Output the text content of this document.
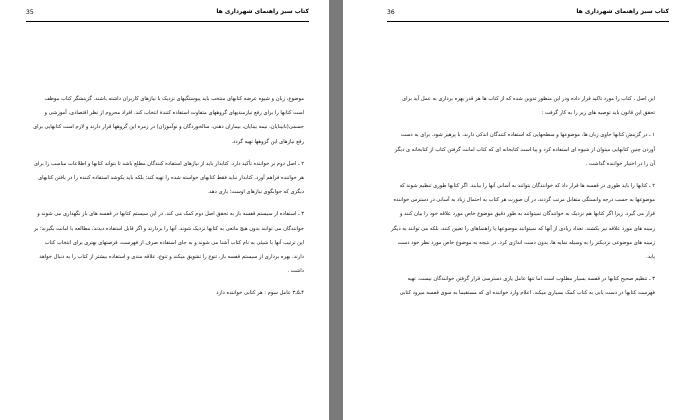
35	کتاب سبز راهنمای شهرداری ها

موضوع، زبان و شیوه عرضه کتابهای منتخب باید پیوستگیهای نزدیک با نیازهای کاربران داشته باشند. گزینشگر کتاب موظف است کتابها را برای رفع نیازمندیهای گروههای متفاوت استفاده کنندهٔ انتخاب کند. افراد محروم از نظر اقتصادی، آموزشی و جسمی(نابینایان، نیمه بینایان، بیماران ذهنی، سالخوردگان و نوآموزان) در زمره این گروهها قرار دارند و لازم است کتابهایی برای رفع نیازهای این گروهها تهیه گردد.

۲ ـ اصل دوم بر خواننده تأکید دارد. کتابدار باید از نیازهای استفاده کنندگان مطلع باشد تا بتواند کتابها و اطلاعات مناسب را برای هر خواننده فراهم آورد. کتابدار نباید فقط کتابهای خواسته شده را تهیه کند؛ بلکه باید بکوشد استفاده کننده را در یافتن کتابهای دیگری که جوابگوی نیازهای اوست؛ یاری دهد.

۳ ـ استفاده از سیستم قفسه باز به تحقق اصل دوم کمک می کند. در این سیستم کتابها در قفسه های باز نگهداری می شوند و خوانندگان می توانند بدون هیچ مانعی به کتابها نزدیک شوند. آنها را بردارند و اگر قابل استفاده دیدند، مطالعه یا امانت بگیرند؛ بر این ترتیب آنها با شیئی به نام کتاب آشنا می شوند و به جای استفاده صرف از فهرست، فرصتهای بهتری برای انتخاب کتاب دارند. بهره برداری از سیستم قفسه باز، تنوع را تشویق میکند و تنوع، علاقه مندی و استفاده بیشتر از کتاب را به دنبال خواهد داشت .

۴ـ۵ـ۳ عامل سوم : هر کتابی خواننده دارد

36	کتاب سبز راهنمای شهرداری ها

این اصل ، کتاب را مورد تاکید قرار داده ودر این منظور تدوین شده که از کتاب ها هر قدر بهره برداری به عمل آید برای تحقق این قانون باید توصیه های زیر را به کار گرفت :

۱ ـ در گزینش کتابها حاوی زبان ها، موضوعها و سطحهایی که استفاده کنندگان اندکی دارند، با پرهیز شود. برای به دست آوردن چنین کتابهایی میتوان از شیوه ای استفاده کرد و پیا است کتابخانه ای که کتاب امانت گرفتن کتاب از کتابخانه ی دیگر آن را در اختیار خواننده گذاشت .

۲ ـ کتابها را باید طوری در قفسه ها قرار داد که خوانندگان بتوانند به آسانی آنها را بیابند. اگر کتابها طوری تنظیم شوند که موضوعها به حسب درجه وابستگی متقابل مرتب گردند، در آن صورت هر کتاب به احتمال زیاد به آسانی در دسترس خواننده قرار می گیرد. زیرا اگر کتابها هم نزدیک به خوانندگان نمیتوانند به طور دقیق موضوع خاص مورد علاقه خود را بیان کنند و زمینه های مورد علاقه نیز بکشند. تعداد زیادی از آنها که نمیتوانند موضوعها یا راهنماهای را تعیین کنند، بلکه می توانند به دیگر زمینه های موضوعی نزدیکتر را به وسیله نمایه ها، بدون دست اندازی کرد. در نتیجه به موضوع خاص مورد نظر خود دست یابد.

۳ ـ تنظیم صحیح کتابها در قفسه بسیار مطلوب است اما تنها عامل یاری دسترسی قرار گرفتن خوانندگان نیست. تهیه فهرست کتابها در دست یابی به کتاب کمک بسیاری میکند. اعلام وارد خواننده ای که مستقیما به سوی قفسه میرود کتابی
